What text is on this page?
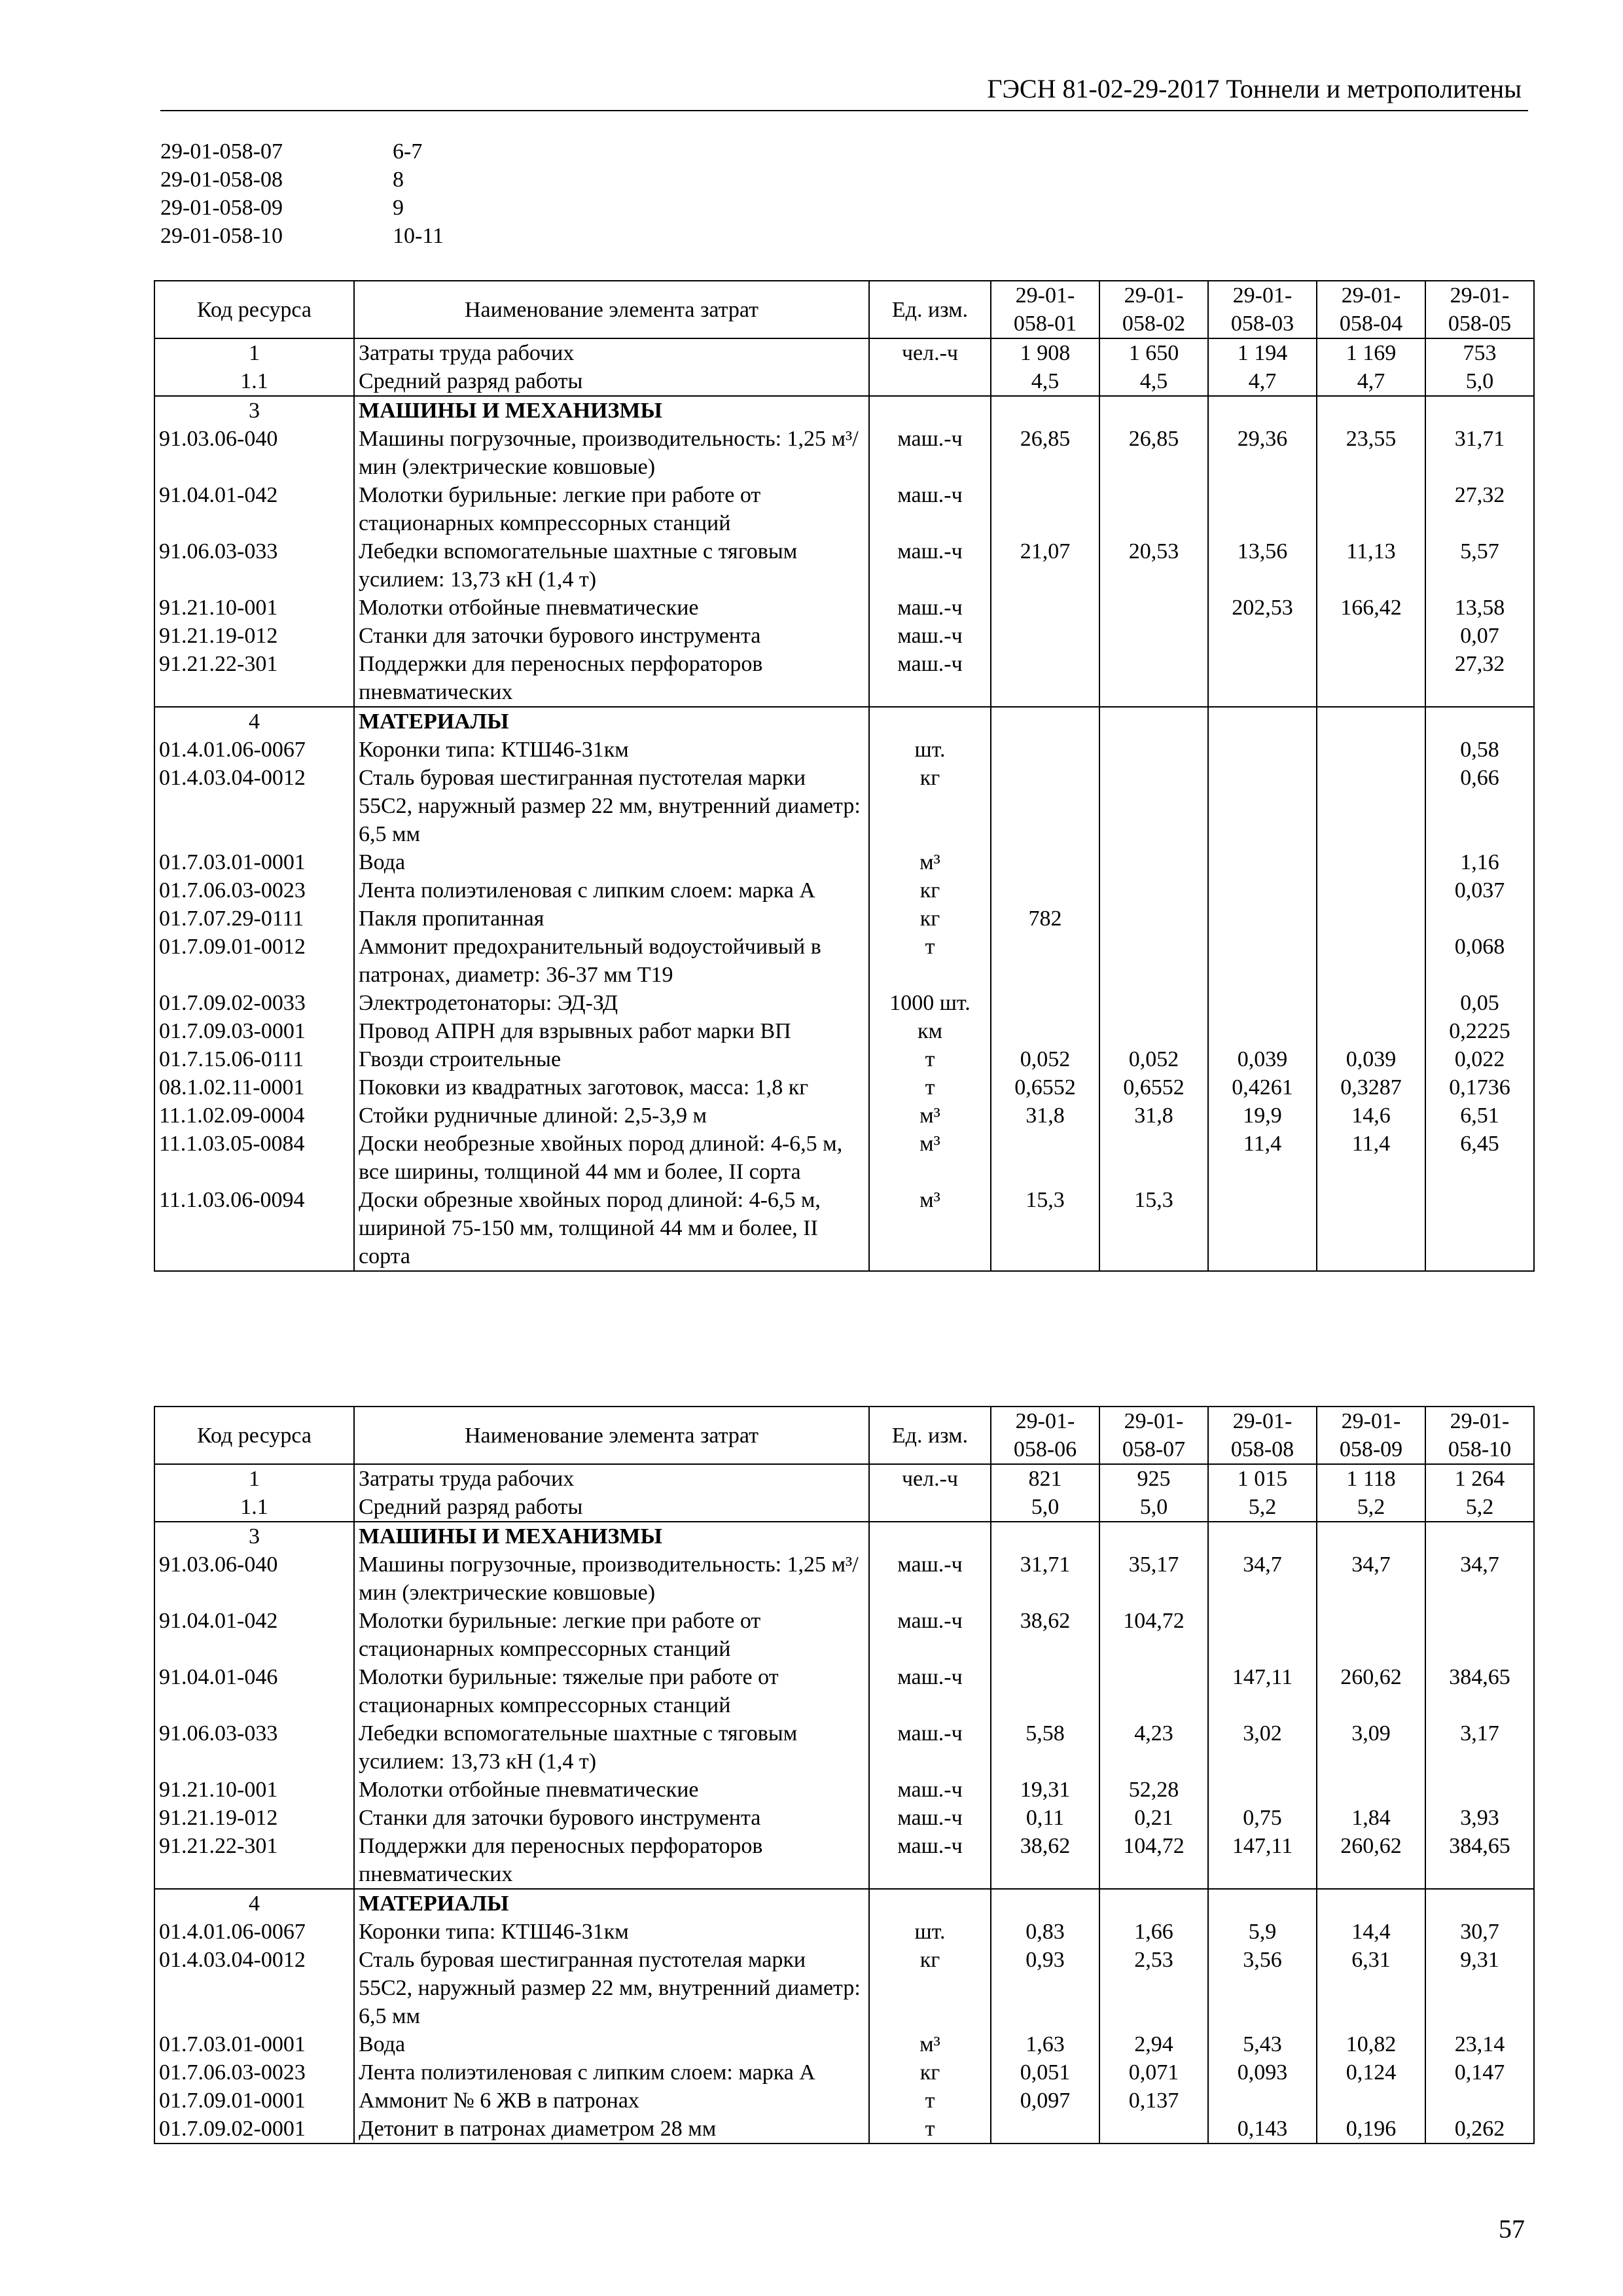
ГЭСН 81-02-29-2017 Тоннели и метрополитены
29-01-058-07	6-7
29-01-058-08	8
29-01-058-09	9
29-01-058-10	10-11
Код ресурса	Наименование элемента затрат	Ед. изм.	29-01-058-01	29-01-058-02	29-01-058-03	29-01-058-04	29-01-058-05
1	Затраты труда рабочих	чел.-ч	1 908	1 650	1 194	1 169	753
1.1	Средний разряд работы		4,5	4,5	4,7	4,7	5,0
3	МАШИНЫ И МЕХАНИЗМЫ						
91.03.06-040	Машины погрузочные, производительность: 1,25 м³/мин (электрические ковшовые)	маш.-ч	26,85	26,85	29,36	23,55	31,71
91.04.01-042	Молотки бурильные: легкие при работе от стационарных компрессорных станций	маш.-ч					27,32
91.06.03-033	Лебедки вспомогательные шахтные с тяговым усилием: 13,73 кН (1,4 т)	маш.-ч	21,07	20,53	13,56	11,13	5,57
91.21.10-001	Молотки отбойные пневматические	маш.-ч			202,53	166,42	13,58
91.21.19-012	Станки для заточки бурового инструмента	маш.-ч					0,07
91.21.22-301	Поддержки для переносных перфораторов пневматических	маш.-ч					27,32
4	МАТЕРИАЛЫ						
01.4.01.06-0067	Коронки типа: КТШ46-31км	шт.					0,58
01.4.03.04-0012	Сталь буровая шестигранная пустотелая марки 55С2, наружный размер 22 мм, внутренний диаметр: 6,5 мм	кг					0,66
01.7.03.01-0001	Вода	м³					1,16
01.7.06.03-0023	Лента полиэтиленовая с липким слоем: марка А	кг					0,037
01.7.07.29-0111	Пакля пропитанная	кг	782				
01.7.09.01-0012	Аммонит предохранительный водоустойчивый в патронах, диаметр: 36-37 мм Т19	т					0,068
01.7.09.02-0033	Электродетонаторы: ЭД-ЗД	1000 шт.					0,05
01.7.09.03-0001	Провод АПРН для взрывных работ марки ВП	км					0,2225
01.7.15.06-0111	Гвозди строительные	т	0,052	0,052	0,039	0,039	0,022
08.1.02.11-0001	Поковки из квадратных заготовок, масса: 1,8 кг	т	0,6552	0,6552	0,4261	0,3287	0,1736
11.1.02.09-0004	Стойки рудничные длиной: 2,5-3,9 м	м³	31,8	31,8	19,9	14,6	6,51
11.1.03.05-0084	Доски необрезные хвойных пород длиной: 4-6,5 м, все ширины, толщиной 44 мм и более, II сорта	м³			11,4	11,4	6,45
11.1.03.06-0094	Доски обрезные хвойных пород длиной: 4-6,5 м, шириной 75-150 мм, толщиной 44 мм и более, II сорта	м³	15,3	15,3			
Код ресурса	Наименование элемента затрат	Ед. изм.	29-01-058-06	29-01-058-07	29-01-058-08	29-01-058-09	29-01-058-10
1	Затраты труда рабочих	чел.-ч	821	925	1 015	1 118	1 264
1.1	Средний разряд работы		5,0	5,0	5,2	5,2	5,2
3	МАШИНЫ И МЕХАНИЗМЫ						
91.03.06-040	Машины погрузочные, производительность: 1,25 м³/мин (электрические ковшовые)	маш.-ч	31,71	35,17	34,7	34,7	34,7
91.04.01-042	Молотки бурильные: легкие при работе от стационарных компрессорных станций	маш.-ч	38,62	104,72			
91.04.01-046	Молотки бурильные: тяжелые при работе от стационарных компрессорных станций	маш.-ч			147,11	260,62	384,65
91.06.03-033	Лебедки вспомогательные шахтные с тяговым усилием: 13,73 кН (1,4 т)	маш.-ч	5,58	4,23	3,02	3,09	3,17
91.21.10-001	Молотки отбойные пневматические	маш.-ч	19,31	52,28			
91.21.19-012	Станки для заточки бурового инструмента	маш.-ч	0,11	0,21	0,75	1,84	3,93
91.21.22-301	Поддержки для переносных перфораторов пневматических	маш.-ч	38,62	104,72	147,11	260,62	384,65
4	МАТЕРИАЛЫ						
01.4.01.06-0067	Коронки типа: КТШ46-31км	шт.	0,83	1,66	5,9	14,4	30,7
01.4.03.04-0012	Сталь буровая шестигранная пустотелая марки 55С2, наружный размер 22 мм, внутренний диаметр: 6,5 мм	кг	0,93	2,53	3,56	6,31	9,31
01.7.03.01-0001	Вода	м³	1,63	2,94	5,43	10,82	23,14
01.7.06.03-0023	Лента полиэтиленовая с липким слоем: марка А	кг	0,051	0,071	0,093	0,124	0,147
01.7.09.01-0001	Аммонит № 6 ЖВ в патронах	т	0,097	0,137			
01.7.09.02-0001	Детонит в патронах диаметром 28 мм	т			0,143	0,196	0,262
57
